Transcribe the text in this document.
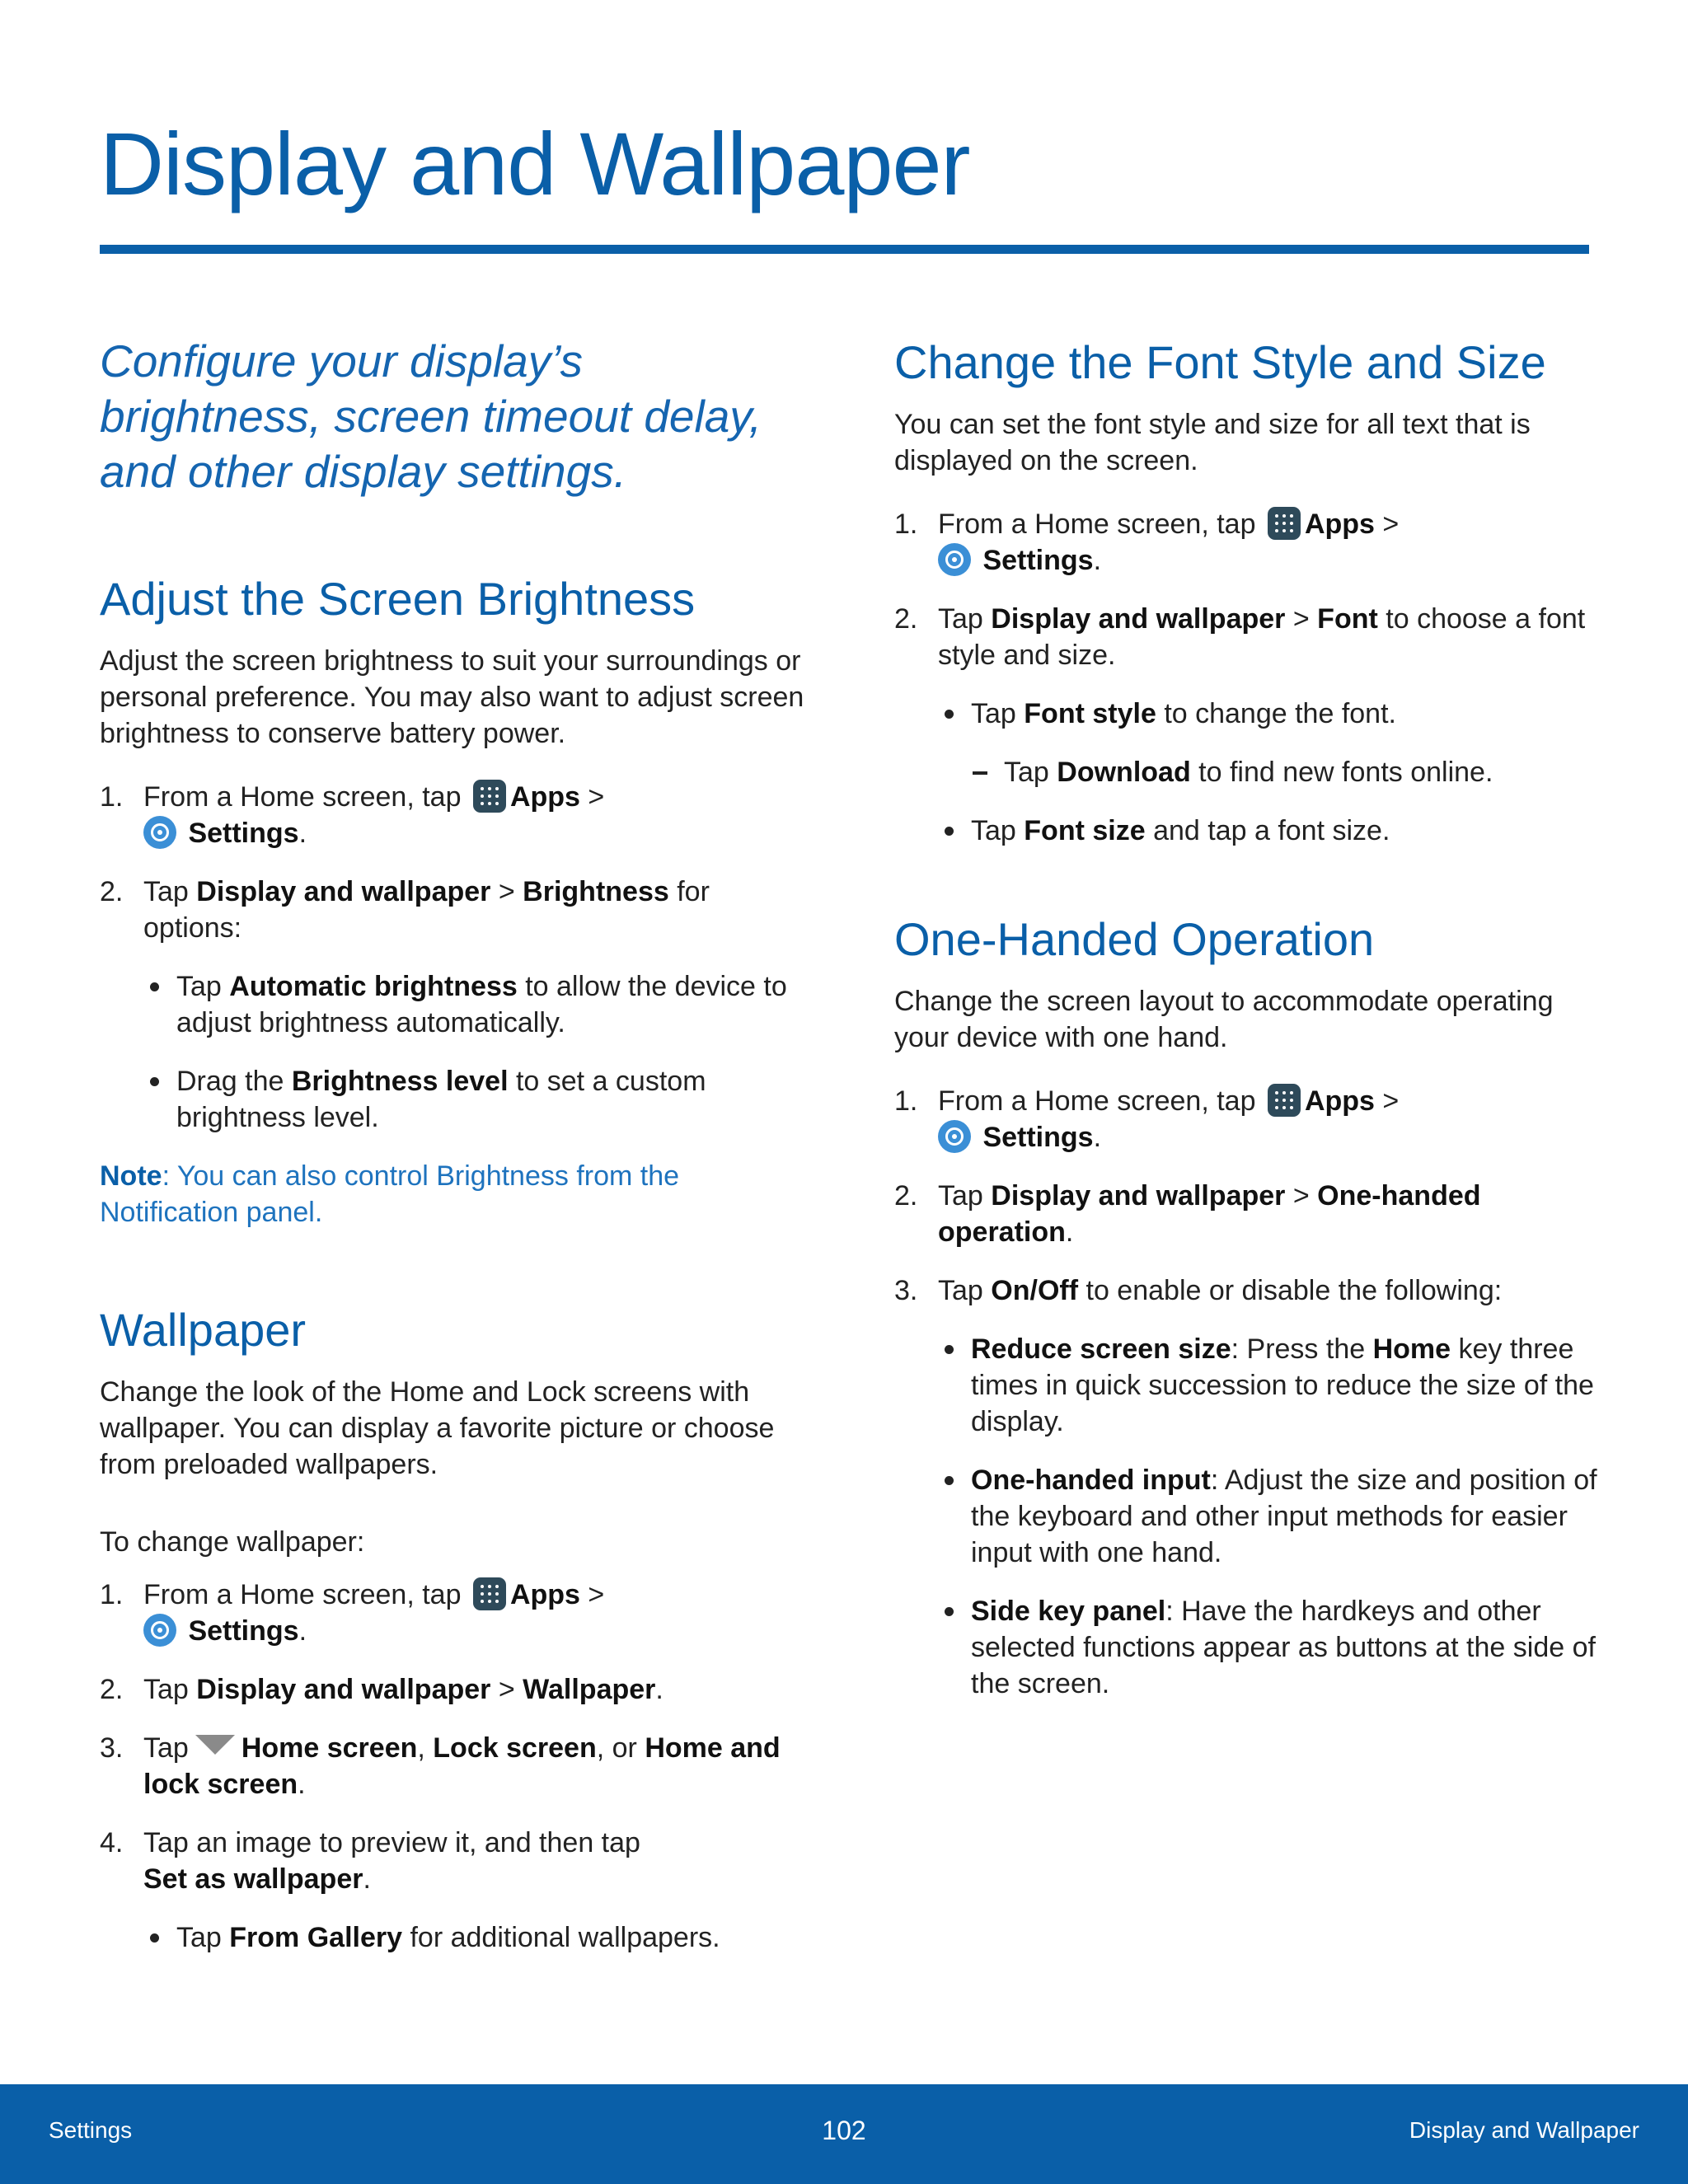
Display and Wallpaper

Configure your display’s brightness, screen timeout delay, and other display settings.

Adjust the Screen Brightness

Adjust the screen brightness to suit your surroundings or personal preference. You may also want to adjust screen brightness to conserve battery power.

1. From a Home screen, tap Apps >
Settings.
2. Tap Display and wallpaper > Brightness for options:
Tap Automatic brightness to allow the device to adjust brightness automatically.
Drag the Brightness level to set a custom brightness level.

Note: You can also control Brightness from the Notification panel.

Wallpaper

Change the look of the Home and Lock screens with wallpaper. You can display a favorite picture or choose from preloaded wallpapers.

To change wallpaper:

1. From a Home screen, tap Apps >
Settings.
2. Tap Display and wallpaper > Wallpaper.
3. Tap Home screen, Lock screen, or Home and lock screen.
4. Tap an image to preview it, and then tap
Set as wallpaper.
Tap From Gallery for additional wallpapers.
Change the Font Style and Size

You can set the font style and size for all text that is displayed on the screen.

1. From a Home screen, tap Apps >
Settings.
2. Tap Display and wallpaper > Font to choose a font style and size.
Tap Font style to change the font.
Tap Download to find new fonts online.
Tap Font size and tap a font size.
One-Handed Operation

Change the screen layout to accommodate operating your device with one hand.

1. From a Home screen, tap Apps >
Settings.
2. Tap Display and wallpaper > One-handed operation.
3. Tap On/Off to enable or disable the following:
Reduce screen size: Press the Home key three times in quick succession to reduce the size of the display.
One-handed input: Adjust the size and position of the keyboard and other input methods for easier input with one hand.
Side key panel: Have the hardkeys and other selected functions appear as buttons at the side of the screen.
Settings	102	Display and Wallpaper
